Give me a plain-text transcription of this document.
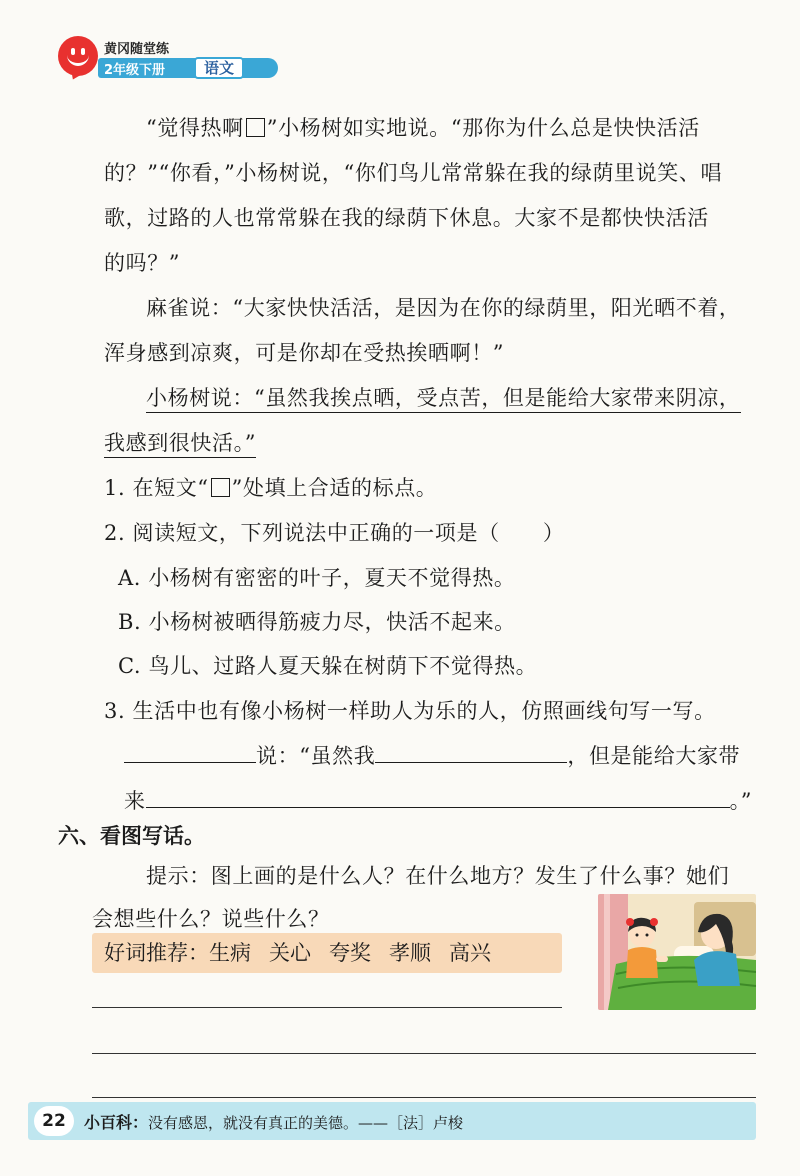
黄冈随堂练
2年级下册	语文
“觉得热啊 ”小杨树如实地说。“那你为什么总是快快活活
的？”“你看，”小杨树说，“你们鸟儿常常躲在我的绿荫里说笑、唱
歌，过路的人也常常躲在我的绿荫下休息。大家不是都快快活活
的吗？”
麻雀说：“大家快快活活，是因为在你的绿荫里，阳光晒不着，
浑身感到凉爽，可是你却在受热挨晒啊！”
小杨树说：“虽然我挨点晒，受点苦，但是能给大家带来阴凉，
我感到很快活。”
1. 在短文“ ”处填上合适的标点。
2. 阅读短文，下列说法中正确的一项是（　　）
A. 小杨树有密密的叶子，夏天不觉得热。
B. 小杨树被晒得筋疲力尽，快活不起来。
C. 鸟儿、过路人夏天躲在树荫下不觉得热。
3. 生活中也有像小杨树一样助人为乐的人，仿照画线句写一写。
说：“虽然我	，但是能给大家带
来	。”
六、看图写话。
提示：图上画的是什么人？在什么地方？发生了什么事？她们
会想些什么？说些什么？
好词推荐：生病 关心 夸奖 孝顺 高兴
22	小百科：没有感恩，就没有真正的美德。——［法］卢梭
